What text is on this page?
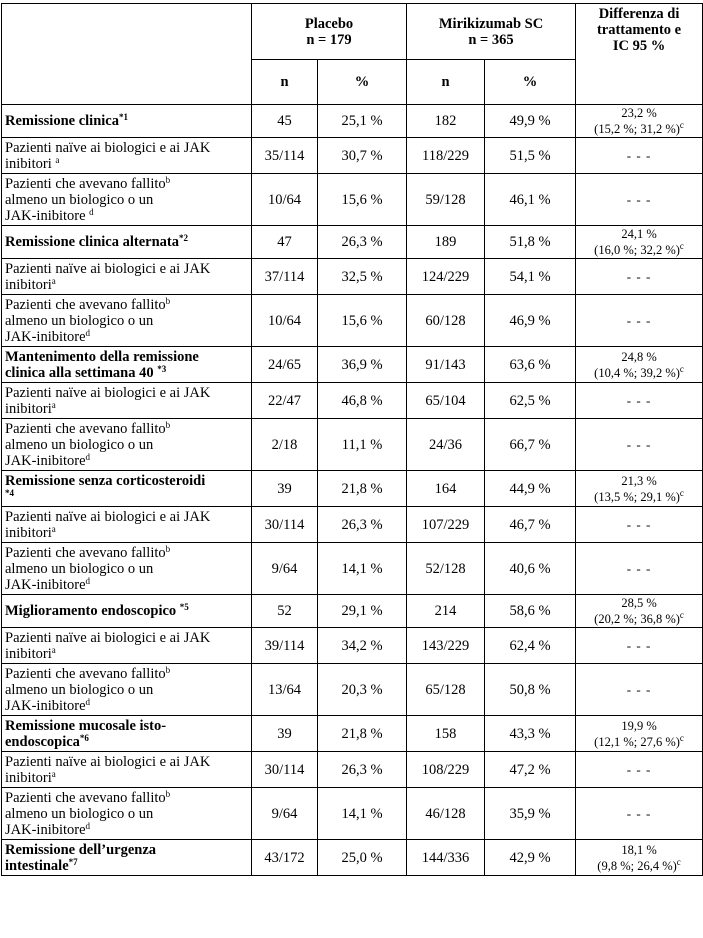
	Placebo
n = 179		Mirikizumab SC
n = 365		Differenza di
trattamento e
IC 95 %
	n	%	n	%	
Remissione clinica$^{*1}$	45	25,1 %	182	49,9 %	23,2 %
(15,2 %; 31,2 %)$^c$
Pazienti naïve ai biologici e ai JAK
inibitori $^a$	35/114	30,7 %	118/229	51,5 %	- - -
Pazienti che avevano fallito$^b$
almeno un biologico o un
JAK-inibitore $^d$	10/64	15,6 %	59/128	46,1 %	- - -
Remissione clinica alternata$^{*2}$	47	26,3 %	189	51,8 %	24,1 %
(16,0 %; 32,2 %)$^c$
Pazienti naïve ai biologici e ai JAK
inibitori$^a$	37/114	32,5 %	124/229	54,1 %	- - -
Pazienti che avevano fallito$^b$
almeno un biologico o un
JAK-inibitore$^d$	10/64	15,6 %	60/128	46,9 %	- - -
Mantenimento della remissione
clinica alla settimana 40 $^{*3}$	24/65	36,9 %	91/143	63,6 %	24,8 %
(10,4 %; 39,2 %)$^c$
Pazienti naïve ai biologici e ai JAK
inibitori$^a$	22/47	46,8 %	65/104	62,5 %	- - -
Pazienti che avevano fallito$^b$
almeno un biologico o un
JAK-inibitore$^d$	2/18	11,1 %	24/36	66,7 %	- - -
Remissione senza corticosteroidi
$^{*4}$	39	21,8 %	164	44,9 %	21,3 %
(13,5 %; 29,1 %)$^c$
Pazienti naïve ai biologici e ai JAK
inibitori$^a$	30/114	26,3 %	107/229	46,7 %	- - -
Pazienti che avevano fallito$^b$
almeno un biologico o un
JAK-inibitore$^d$	9/64	14,1 %	52/128	40,6 %	- - -
Miglioramento endoscopico $^{*5}$	52	29,1 %	214	58,6 %	28,5 %
(20,2 %; 36,8 %)$^c$
Pazienti naïve ai biologici e ai JAK
inibitori$^a$	39/114	34,2 %	143/229	62,4 %	- - -
Pazienti che avevano fallito$^b$
almeno un biologico o un
JAK-inibitore$^d$	13/64	20,3 %	65/128	50,8 %	- - -
Remissione mucosale isto-
endoscopica$^{*6}$	39	21,8 %	158	43,3 %	19,9 %
(12,1 %; 27,6 %)$^c$
Pazienti naïve ai biologici e ai JAK
inibitori$^a$	30/114	26,3 %	108/229	47,2 %	- - -
Pazienti che avevano fallito$^b$
almeno un biologico o un
JAK-inibitore$^d$	9/64	14,1 %	46/128	35,9 %	- - -
Remissione dell’urgenza
intestinale$^{*7}$	43/172	25,0 %	144/336	42,9 %	18,1 %
(9,8 %; 26,4 %)$^c$
